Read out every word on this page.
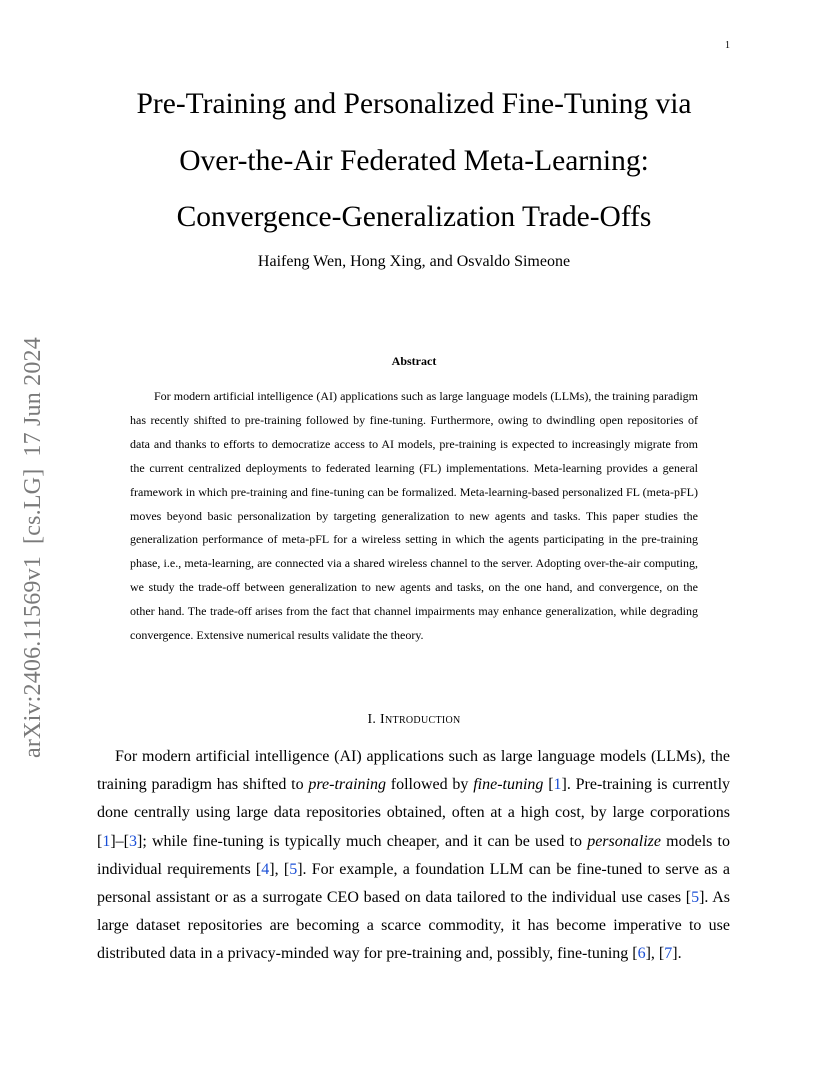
1
arXiv:2406.11569v1[cs.LG]17 Jun 2024
Pre-Training and Personalized Fine-Tuning via
Over-the-Air Federated Meta-Learning:
Convergence-Generalization Trade-Offs
Haifeng Wen, Hong Xing, and Osvaldo Simeone
Abstract

For modern artificial intelligence (AI) applications such as large language models (LLMs), the training paradigm has recently shifted to pre-training followed by fine-tuning. Furthermore, owing to dwindling open repositories of data and thanks to efforts to democratize access to AI models, pre-training is expected to increasingly migrate from the current centralized deployments to federated learning (FL) implementations. Meta-learning provides a general framework in which pre-training and fine-tuning can be formalized. Meta-learning-based personalized FL (meta-pFL) moves beyond basic personalization by targeting generalization to new agents and tasks. This paper studies the generalization performance of meta-pFL for a wireless setting in which the agents participating in the pre-training phase, i.e., meta-learning, are connected via a shared wireless channel to the server. Adopting over-the-air computing, we study the trade-off between generalization to new agents and tasks, on the one hand, and convergence, on the other hand. The trade-off arises from the fact that channel impairments may enhance generalization, while degrading convergence. Extensive numerical results validate the theory.

I. Introduction

For modern artificial intelligence (AI) applications such as large language models (LLMs), the training paradigm has shifted to pre-training followed by fine-tuning [1]. Pre-training is currently done centrally using large data repositories obtained, often at a high cost, by large corporations [1]–[3]; while fine-tuning is typically much cheaper, and it can be used to personalize models to individual requirements [4], [5]. For example, a foundation LLM can be fine-tuned to serve as a personal assistant or as a surrogate CEO based on data tailored to the individual use cases [5]. As large dataset repositories are becoming a scarce commodity, it has become imperative to use distributed data in a privacy-minded way for pre-training and, possibly, fine-tuning [6], [7].
